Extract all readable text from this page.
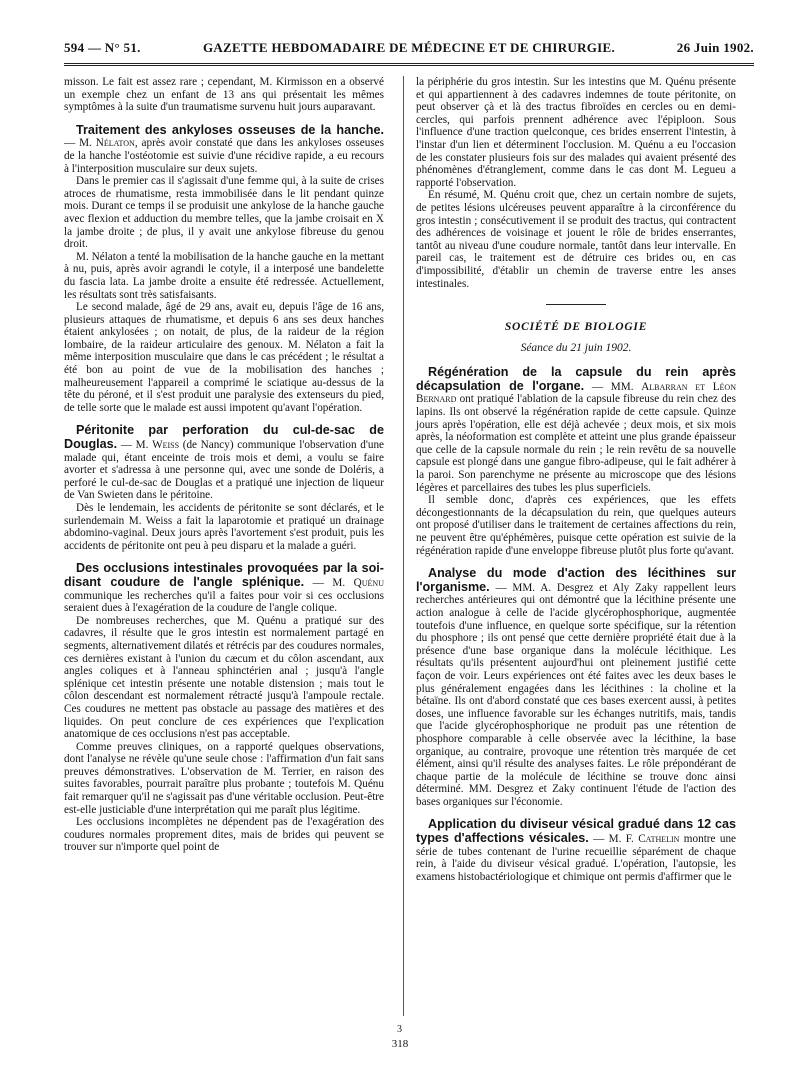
594 — N° 51.	GAZETTE HEBDOMADAIRE DE MÉDECINE ET DE CHIRURGIE.	26 Juin 1902.

misson. Le fait est assez rare ; cependant, M. Kirmisson en a observé un exemple chez un enfant de 13 ans qui présentait les mêmes symptômes à la suite d'un traumatisme survenu huit jours auparavant.

Traitement des ankyloses osseuses de la hanche. — M. Nélaton, après avoir constaté que dans les ankyloses osseuses de la hanche l'ostéotomie est suivie d'une récidive rapide, a eu recours à l'interposition musculaire sur deux sujets.

Dans le premier cas il s'agissait d'une femme qui, à la suite de crises atroces de rhumatisme, resta immobilisée dans le lit pendant quinze mois. Durant ce temps il se produisit une ankylose de la hanche gauche avec flexion et adduction du membre telles, que la jambe croisait en X la jambe droite ; de plus, il y avait une ankylose fibreuse du genou droit.

M. Nélaton a tenté la mobilisation de la hanche gauche en la mettant à nu, puis, après avoir agrandi le cotyle, il a interposé une bandelette du fascia lata. La jambe droite a ensuite été redressée. Actuellement, les résultats sont très satisfaisants.

Le second malade, âgé de 29 ans, avait eu, depuis l'âge de 16 ans, plusieurs attaques de rhumatisme, et depuis 6 ans ses deux hanches étaient ankylosées ; on notait, de plus, de la raideur de la région lombaire, de la raideur articulaire des genoux. M. Nélaton a fait la même interposition musculaire que dans le cas précédent ; le résultat a été bon au point de vue de la mobilisation des hanches ; malheureusement l'appareil a comprimé le sciatique au-dessus de la tête du péroné, et il s'est produit une paralysie des extenseurs du pied, de telle sorte que le malade est aussi impotent qu'avant l'opération.

Péritonite par perforation du cul-de-sac de Douglas. — M. Weiss (de Nancy) communique l'observation d'une malade qui, étant enceinte de trois mois et demi, a voulu se faire avorter et s'adressa à une personne qui, avec une sonde de Doléris, a perforé le cul-de-sac de Douglas et a pratiqué une injection de liqueur de Van Swieten dans le péritoine.

Dès le lendemain, les accidents de péritonite se sont déclarés, et le surlendemain M. Weiss a fait la laparotomie et pratiqué un drainage abdomino-vaginal. Deux jours après l'avortement s'est produit, puis les accidents de péritonite ont peu à peu disparu et la malade a guéri.

Des occlusions intestinales provoquées par la soi-disant coudure de l'angle splénique. — M. Quénu communique les recherches qu'il a faites pour voir si ces occlusions seraient dues à l'exagération de la coudure de l'angle colique.

De nombreuses recherches, que M. Quénu a pratiqué sur des cadavres, il résulte que le gros intestin est normalement partagé en segments, alternativement dilatés et rétrécis par des coudures normales, ces dernières existant à l'union du cæcum et du côlon ascendant, aux angles coliques et à l'anneau sphinctérien anal ; jusqu'à l'angle splénique cet intestin présente une notable distension ; mais tout le côlon descendant est normalement rétracté jusqu'à l'ampoule rectale. Ces coudures ne mettent pas obstacle au passage des matières et des liquides. On peut conclure de ces expériences que l'explication anatomique de ces occlusions n'est pas acceptable.

Comme preuves cliniques, on a rapporté quelques observations, dont l'analyse ne révèle qu'une seule chose : l'affirmation d'un fait sans preuves démonstratives. L'observation de M. Terrier, en raison des suites favorables, pourrait paraître plus probante ; toutefois M. Quénu fait remarquer qu'il ne s'agissait pas d'une véritable occlusion. Peut-être est-elle justiciable d'une interprétation qui me paraît plus légitime.

Les occlusions incomplètes ne dépendent pas de l'exagération des coudures normales proprement dites, mais de brides qui peuvent se trouver sur n'importe quel point de

3

la périphérie du gros intestin. Sur les intestins que M. Quénu présente et qui appartiennent à des cadavres indemnes de toute péritonite, on peut observer çà et là des tractus fibroïdes en cercles ou en demi-cercles, qui parfois prennent adhérence avec l'épiploon. Sous l'influence d'une traction quelconque, ces brides enserrent l'intestin, à l'instar d'un lien et déterminent l'occlusion. M. Quénu a eu l'occasion de les constater plusieurs fois sur des malades qui avaient présenté des phénomènes d'étranglement, comme dans le cas dont M. Legueu a rapporté l'observation.

En résumé, M. Quénu croit que, chez un certain nombre de sujets, de petites lésions ulcéreuses peuvent apparaître à la circonférence du gros intestin ; consécutivement il se produit des tractus, qui contractent des adhérences de voisinage et jouent le rôle de brides enserrantes, tantôt au niveau d'une coudure normale, tantôt dans leur intervalle. En pareil cas, le traitement est de détruire ces brides ou, en cas d'impossibilité, d'établir un chemin de traverse entre les anses intestinales.

SOCIÉTÉ DE BIOLOGIE
Séance du 21 juin 1902.

Régénération de la capsule du rein après décapsulation de l'organe. — MM. Albarran et Léon Bernard ont pratiqué l'ablation de la capsule fibreuse du rein chez des lapins. Ils ont observé la régénération rapide de cette capsule. Quinze jours après l'opération, elle est déjà achevée ; deux mois, et six mois après, la néoformation est complète et atteint une plus grande épaisseur que celle de la capsule normale du rein ; le rein revêtu de sa nouvelle capsule est plongé dans une gangue fibro-adipeuse, qui le fait adhérer à la paroi. Son parenchyme ne présente au microscope que des lésions légères et parcellaires des tubes les plus superficiels.

Il semble donc, d'après ces expériences, que les effets décongestionnants de la décapsulation du rein, que quelques auteurs ont proposé d'utiliser dans le traitement de certaines affections du rein, ne peuvent être qu'éphémères, puisque cette opération est suivie de la régénération rapide d'une enveloppe fibreuse plutôt plus forte qu'avant.

Analyse du mode d'action des lécithines sur l'organisme. — MM. A. Desgrez et Aly Zaky rappellent leurs recherches antérieures qui ont démontré que la lécithine présente une action analogue à celle de l'acide glycérophosphorique, augmentée toutefois d'une influence, en quelque sorte spécifique, sur la rétention du phosphore ; ils ont pensé que cette dernière propriété était due à la présence d'une base organique dans la molécule lécithique. Les résultats qu'ils présentent aujourd'hui ont pleinement justifié cette façon de voir. Leurs expériences ont été faites avec les deux bases le plus généralement engagées dans les lécithines : la choline et la bétaïne. Ils ont d'abord constaté que ces bases exercent aussi, à petites doses, une influence favorable sur les échanges nutritifs, mais, tandis que l'acide glycérophosphorique ne produit pas une rétention de phosphore comparable à celle observée avec la lécithine, la base organique, au contraire, provoque une rétention très marquée de cet élément, ainsi qu'il résulte des analyses faites. Le rôle prépondérant de chaque partie de la molécule de lécithine se trouve donc ainsi déterminé. MM. Desgrez et Zaky continuent l'étude de l'action des bases organiques sur l'économie.

Application du diviseur vésical gradué dans 12 cas types d'affections vésicales. — M. F. Cathelin montre une série de tubes contenant de l'urine recueillie séparément de chaque rein, à l'aide du diviseur vésical gradué. L'opération, l'autopsie, les examens histobactériologique et chimique ont permis d'affirmer que le

318
